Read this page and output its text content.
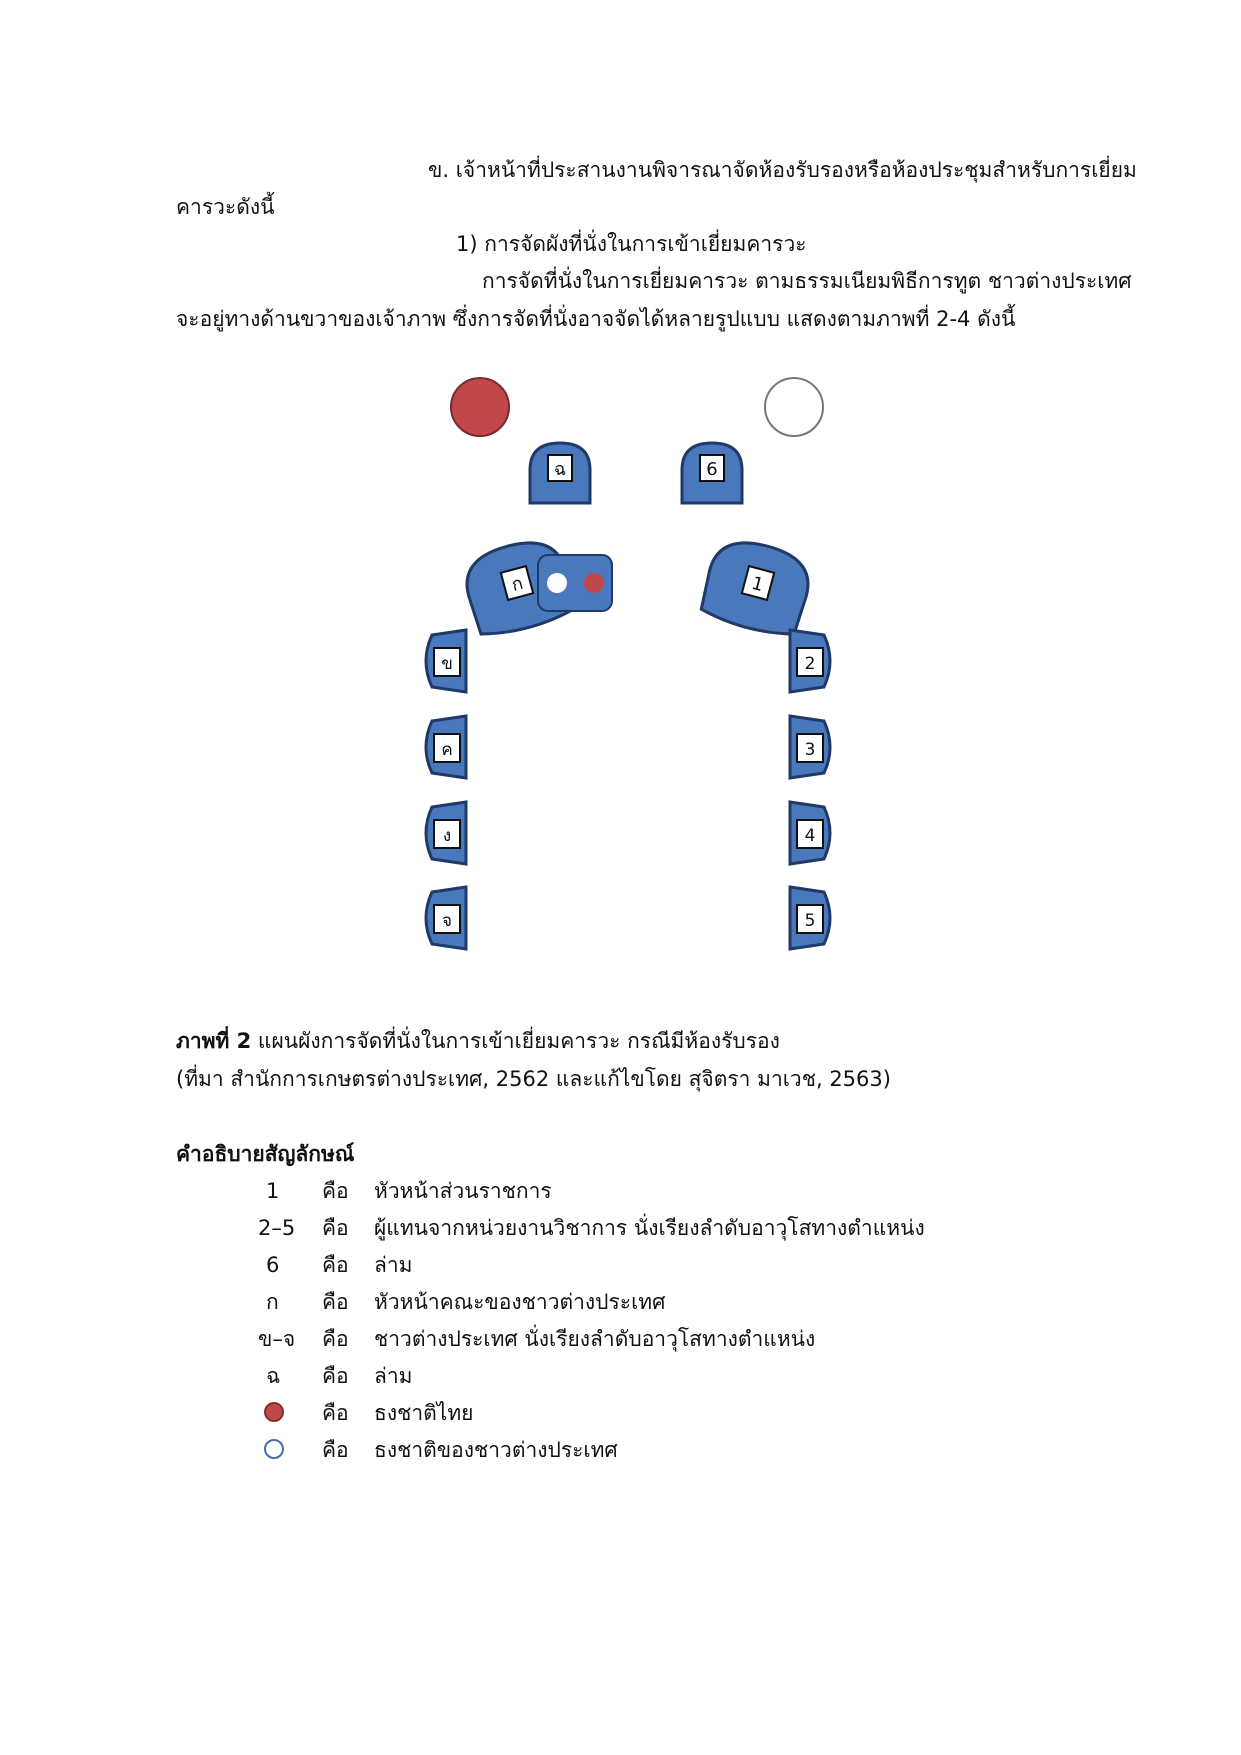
ข. เจ้าหน้าที่ประสานงานพิจารณาจัดห้องรับรองหรือห้องประชุมสำหรับการเยี่ยม
คารวะดังนี้
1) การจัดผังที่นั่งในการเข้าเยี่ยมคารวะ
การจัดที่นั่งในการเยี่ยมคารวะ ตามธรรมเนียมพิธีการทูต ชาวต่างประเทศ
จะอยู่ทางด้านขวาของเจ้าภาพ ซึ่งการจัดที่นั่งอาจจัดได้หลายรูปแบบ แสดงตามภาพที่ 2-4 ดังนี้
ฉ	6
ก	1
ข
ค
ง
จ
2
3
4
5
ภาพที่ 2 แผนผังการจัดที่นั่งในการเข้าเยี่ยมคารวะ กรณีมีห้องรับรอง
(ที่มา สำนักการเกษตรต่างประเทศ, 2562 และแก้ไขโดย สุจิตรา มาเวช, 2563)
คำอธิบายสัญลักษณ์
1 คือ หัวหน้าส่วนราชการ
2–5 คือ ผู้แทนจากหน่วยงานวิชาการ นั่งเรียงลำดับอาวุโสทางตำแหน่ง
6 คือ ล่าม
ก คือ หัวหน้าคณะของชาวต่างประเทศ
ข–จ คือ ชาวต่างประเทศ นั่งเรียงลำดับอาวุโสทางตำแหน่ง
ฉ คือ ล่าม
คือ ธงชาติไทย
คือ ธงชาติของชาวต่างประเทศ
